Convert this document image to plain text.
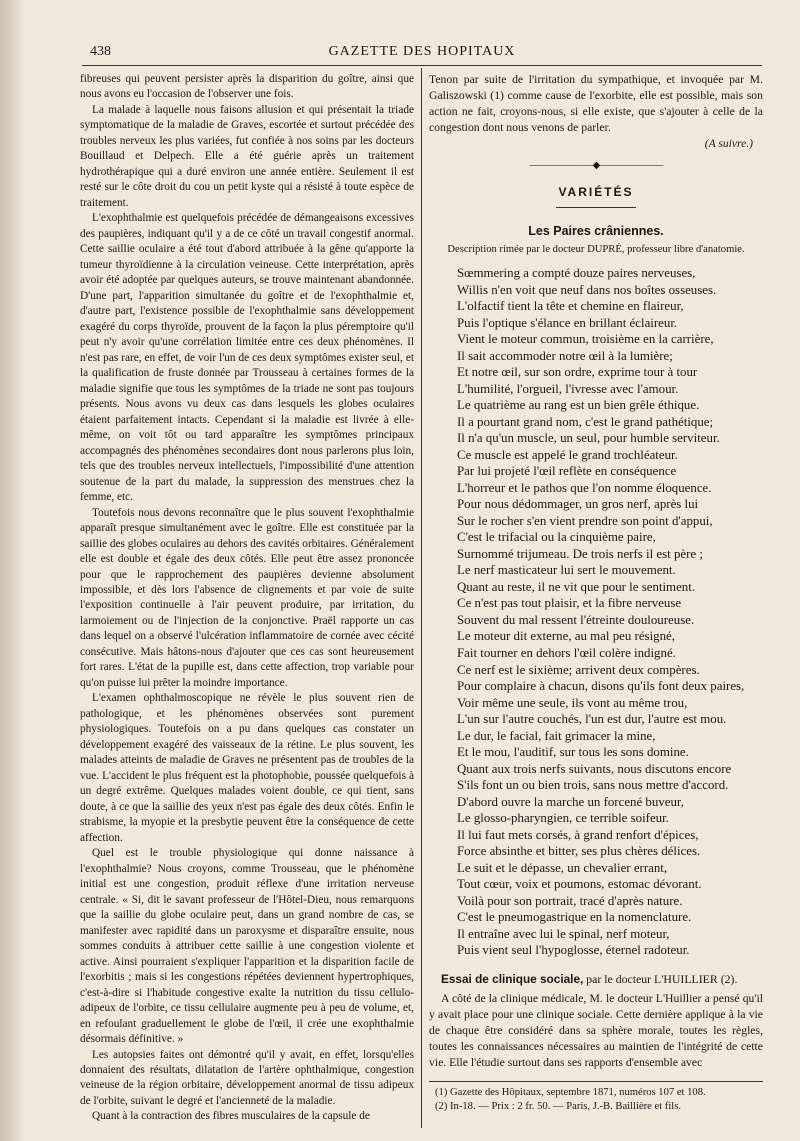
438	GAZETTE DES HOPITAUX

fibreuses qui peuvent persister après la disparition du goître, ainsi que nous avons eu l'occasion de l'observer une fois.

La malade à laquelle nous faisons allusion et qui présentait la triade symptomatique de la maladie de Graves, escortée et surtout précédée des troubles nerveux les plus variées, fut confiée à nos soins par les docteurs Bouillaud et Delpech. Elle a été guérie après un traitement hydrothérapique qui a duré environ une année entière. Seulement il est resté sur le côte droit du cou un petit kyste qui a résisté à toute espèce de traitement.

L'exophthalmie est quelquefois précédée de démangeaisons excessives des paupières, indiquant qu'il y a de ce côté un travail congestif anormal. Cette saillie oculaire a été tout d'abord attribuée à la gêne qu'apporte la tumeur thyroïdienne à la circulation veineuse. Cette interprétation, après avoir été adoptée par quelques auteurs, se trouve maintenant abandonnée. D'une part, l'apparition simultanée du goître et de l'exophthalmie et, d'autre part, l'existence possible de l'exophthalmie sans développement exagéré du corps thyroïde, prouvent de la façon la plus péremptoire qu'il peut n'y avoir qu'une corrélation limitée entre ces deux phénomènes. Il n'est pas rare, en effet, de voir l'un de ces deux symptômes exister seul, et la qualification de fruste donnée par Trousseau à certaines formes de la maladie signifie que tous les symptômes de la triade ne sont pas toujours présents. Nous avons vu deux cas dans lesquels les globes oculaires étaient parfaitement intacts. Cependant si la maladie est livrée à elle-même, on voit tôt ou tard apparaître les symptômes principaux accompagnés des phénomènes secondaires dont nous parlerons plus loin, tels que des troubles nerveux intellectuels, l'impossibilité d'une attention soutenue de la part du malade, la suppression des menstrues chez la femme, etc.

Toutefois nous devons reconnaître que le plus souvent l'exophthalmie apparaît presque simultanément avec le goître. Elle est constituée par la saillie des globes oculaires au dehors des cavités orbitaires. Généralement elle est double et égale des deux côtés. Elle peut être assez prononcée pour que le rapprochement des paupières devienne absolument impossible, et dès lors l'absence de clignements et par voie de suite l'exposition continuelle à l'air peuvent produire, par irritation, du larmoiement ou de l'injection de la conjonctive. Praël rapporte un cas dans lequel on a observé l'ulcération inflammatoire de cornée avec cécité consécutive. Mais hâtons-nous d'ajouter que ces cas sont heureusement fort rares. L'état de la pupille est, dans cette affection, trop variable pour qu'on puisse lui prêter la moindre importance.

L'examen ophthalmoscopique ne révèle le plus souvent rien de pathologique, et les phénomènes observées sont purement physiologiques. Toutefois on a pu dans quelques cas constater un développement exagéré des vaisseaux de la rétine. Le plus souvent, les malades atteints de maladie de Graves ne présentent pas de troubles de la vue. L'accident le plus fréquent est la photophobie, poussée quelquefois à un degré extrême. Quelques malades voient double, ce qui tient, sans doute, à ce que la saillie des yeux n'est pas égale des deux côtés. Enfin le strabisme, la myopie et la presbytie peuvent être la conséquence de cette affection.

Quel est le trouble physiologique qui donne naissance à l'exophthalmie? Nous croyons, comme Trousseau, que le phénomène initial est une congestion, produit réflexe d'une irritation nerveuse centrale. « Si, dit le savant professeur de l'Hôtel-Dieu, nous remarquons que la saillie du globe oculaire peut, dans un grand nombre de cas, se manifester avec rapidité dans un paroxysme et disparaître ensuite, nous sommes conduits à attribuer cette saillie à une congestion violente et active. Ainsi pourraient s'expliquer l'apparition et la disparition facile de l'exorbitis ; mais si les congestions répétées deviennent hypertrophiques, c'est-à-dire si l'habitude congestive exalte la nutrition du tissu cellulo-adipeux de l'orbite, ce tissu cellulaire augmente peu à peu de volume, et, en refoulant graduellement le globe de l'œil, il crée une exophthalmie désormais définitive. »

Les autopsies faites ont démontré qu'il y avait, en effet, lorsqu'elles donnaient des résultats, dilatation de l'artère ophthalmique, congestion veineuse de la région orbitaire, développement anormal de tissu adipeux de l'orbite, suivant le degré et l'ancienneté de la maladie.

Quant à la contraction des fibres musculaires de la capsule de

Tenon par suite de l'irritation du sympathique, et invoquée par M. Galiszowski (1) comme cause de l'exorbite, elle est possible, mais son action ne fait, croyons-nous, si elle existe, que s'ajouter à celle de la congestion dont nous venons de parler.

(A suivre.)

———————◆———————
VARIÉTÉS
Les Paires crâniennes.
Description rimée par le docteur DUPRÉ, professeur libre d'anatomie.
Sœmmering a compté douze paires nerveuses,
Willis n'en voit que neuf dans nos boîtes osseuses.
L'olfactif tient la tête et chemine en flaireur,
Puis l'optique s'élance en brillant éclaireur.
Vient le moteur commun, troisième en la carrière,
Il sait accommoder notre œil à la lumière;
Et notre œil, sur son ordre, exprime tour à tour
L'humilité, l'orgueil, l'ivresse avec l'amour.
Le quatrième au rang est un bien grêle éthique.
Il a pourtant grand nom, c'est le grand pathétique;
Il n'a qu'un muscle, un seul, pour humble serviteur.
Ce muscle est appelé le grand trochléateur.
Par lui projeté l'œil reflète en conséquence
L'horreur et le pathos que l'on nomme éloquence.
Pour nous dédommager, un gros nerf, après lui
Sur le rocher s'en vient prendre son point d'appui,
C'est le trifacial ou la cinquième paire,
Surnommé trijumeau. De trois nerfs il est père ;
Le nerf masticateur lui sert le mouvement.
Quant au reste, il ne vit que pour le sentiment.
Ce n'est pas tout plaisir, et la fibre nerveuse
Souvent du mal ressent l'étreinte douloureuse.
Le moteur dit externe, au mal peu résigné,
Fait tourner en dehors l'œil colère indigné.
Ce nerf est le sixième; arrivent deux compères.
Pour complaire à chacun, disons qu'ils font deux paires,
Voir même une seule, ils vont au même trou,
L'un sur l'autre couchés, l'un est dur, l'autre est mou.
Le dur, le facial, fait grimacer la mine,
Et le mou, l'auditif, sur tous les sons domine.
Quant aux trois nerfs suivants, nous discutons encore
S'ils font un ou bien trois, sans nous mettre d'accord.
D'abord ouvre la marche un forcené buveur,
Le glosso-pharyngien, ce terrible soifeur.
Il lui faut mets corsés, à grand renfort d'épices,
Force absinthe et bitter, ses plus chères délices.
Le suit et le dépasse, un chevalier errant,
Tout cœur, voix et poumons, estomac dévorant.
Voilà pour son portrait, tracé d'après nature.
C'est le pneumogastrique en la nomenclature.
Il entraîne avec lui le spinal, nerf moteur,
Puis vient seul l'hypoglosse, éternel radoteur.

Essai de clinique sociale, par le docteur L'HUILLIER (2).

A côté de la clinique médicale, M. le docteur L'Huillier a pensé qu'il y avait place pour une clinique sociale. Cette dernière applique à la vie de chaque être considéré dans sa sphère morale, toutes les règles, toutes les connaissances nécessaires au maintien de l'intégrité de cette vie. Elle l'étudie surtout dans ses rapports d'ensemble avec

(1) Gazette des Hôpitaux, septembre 1871, numéros 107 et 108.

(2) In-18. — Prix : 2 fr. 50. — Paris, J.-B. Baillière et fils.
